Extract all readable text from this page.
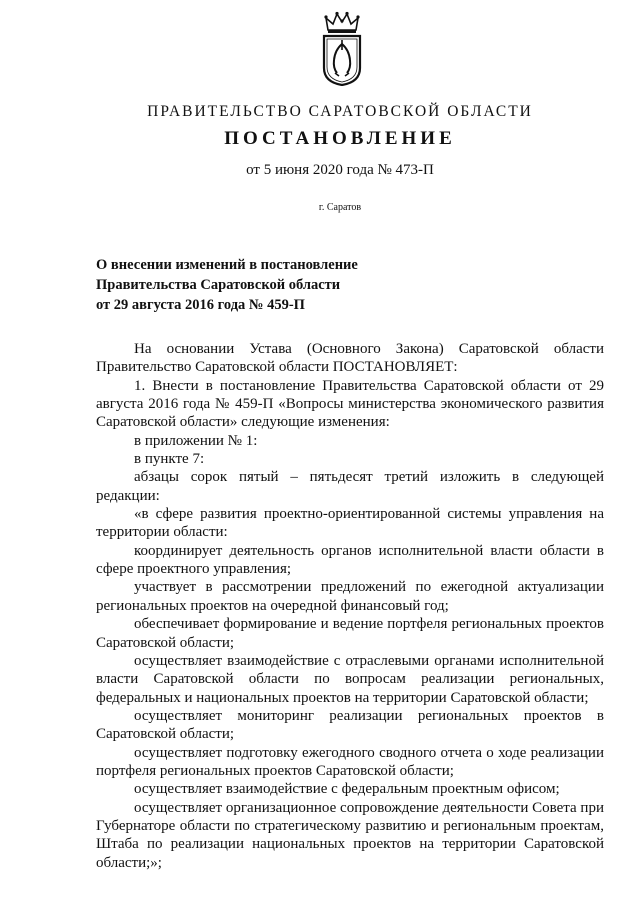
ПРАВИТЕЛЬСТВО САРАТОВСКОЙ ОБЛАСТИ
ПОСТАНОВЛЕНИЕ
от 5 июня 2020 года № 473-П
г. Саратов
О внесении изменений в постановление
Правительства Саратовской области
от 29 августа 2016 года № 459-П

На основании Устава (Основного Закона) Саратовской области Правительство Саратовской области ПОСТАНОВЛЯЕТ:

1. Внести в постановление Правительства Саратовской области от 29 августа 2016 года № 459-П «Вопросы министерства экономического развития Саратовской области» следующие изменения:

в приложении № 1:

в пункте 7:

абзацы сорок пятый – пятьдесят третий изложить в следующей редакции:

«в сфере развития проектно-ориентированной системы управления на территории области:

координирует деятельность органов исполнительной власти области в сфере проектного управления;

участвует в рассмотрении предложений по ежегодной актуализации региональных проектов на очередной финансовый год;

обеспечивает формирование и ведение портфеля региональных проектов Саратовской области;

осуществляет взаимодействие с отраслевыми органами исполнительной власти Саратовской области по вопросам реализации региональных, федеральных и национальных проектов на территории Саратовской области;

осуществляет мониторинг реализации региональных проектов в Саратовской области;

осуществляет подготовку ежегодного сводного отчета о ходе реализации портфеля региональных проектов Саратовской области;

осуществляет взаимодействие с федеральным проектным офисом;

осуществляет организационное сопровождение деятельности Совета при Губернаторе области по стратегическому развитию и региональным проектам, Штаба по реализации национальных проектов на территории Саратовской области;»;
